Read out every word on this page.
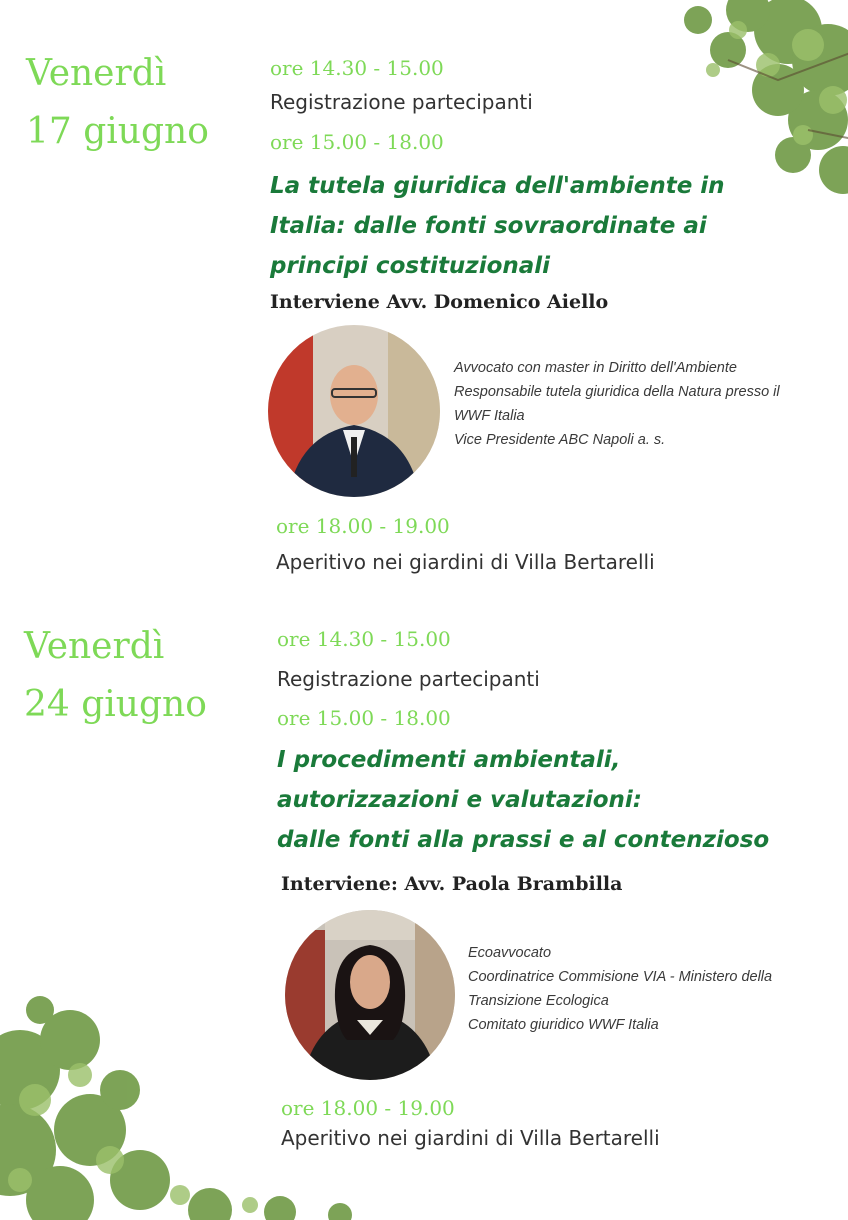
Venerdì
17 giugno
ore 14.30 - 15.00
Registrazione partecipanti
ore 15.00 - 18.00
La tutela giuridica dell'ambiente in
Italia: dalle fonti sovraordinate ai
principi costituzionali
Interviene Avv. Domenico Aiello
Avvocato con master in Diritto dell'Ambiente
Responsabile tutela giuridica della Natura presso il
WWF Italia
Vice Presidente ABC Napoli a. s.
ore 18.00 - 19.00
Aperitivo nei giardini di Villa Bertarelli
Venerdì
24 giugno
ore 14.30 - 15.00
Registrazione partecipanti
ore 15.00 - 18.00
I procedimenti ambientali,
autorizzazioni e valutazioni:
dalle fonti alla prassi e al contenzioso
Interviene: Avv. Paola Brambilla
Ecoavvocato
Coordinatrice Commisione VIA - Ministero della
Transizione Ecologica
Comitato giuridico WWF Italia
ore 18.00 - 19.00
Aperitivo nei giardini di Villa Bertarelli
